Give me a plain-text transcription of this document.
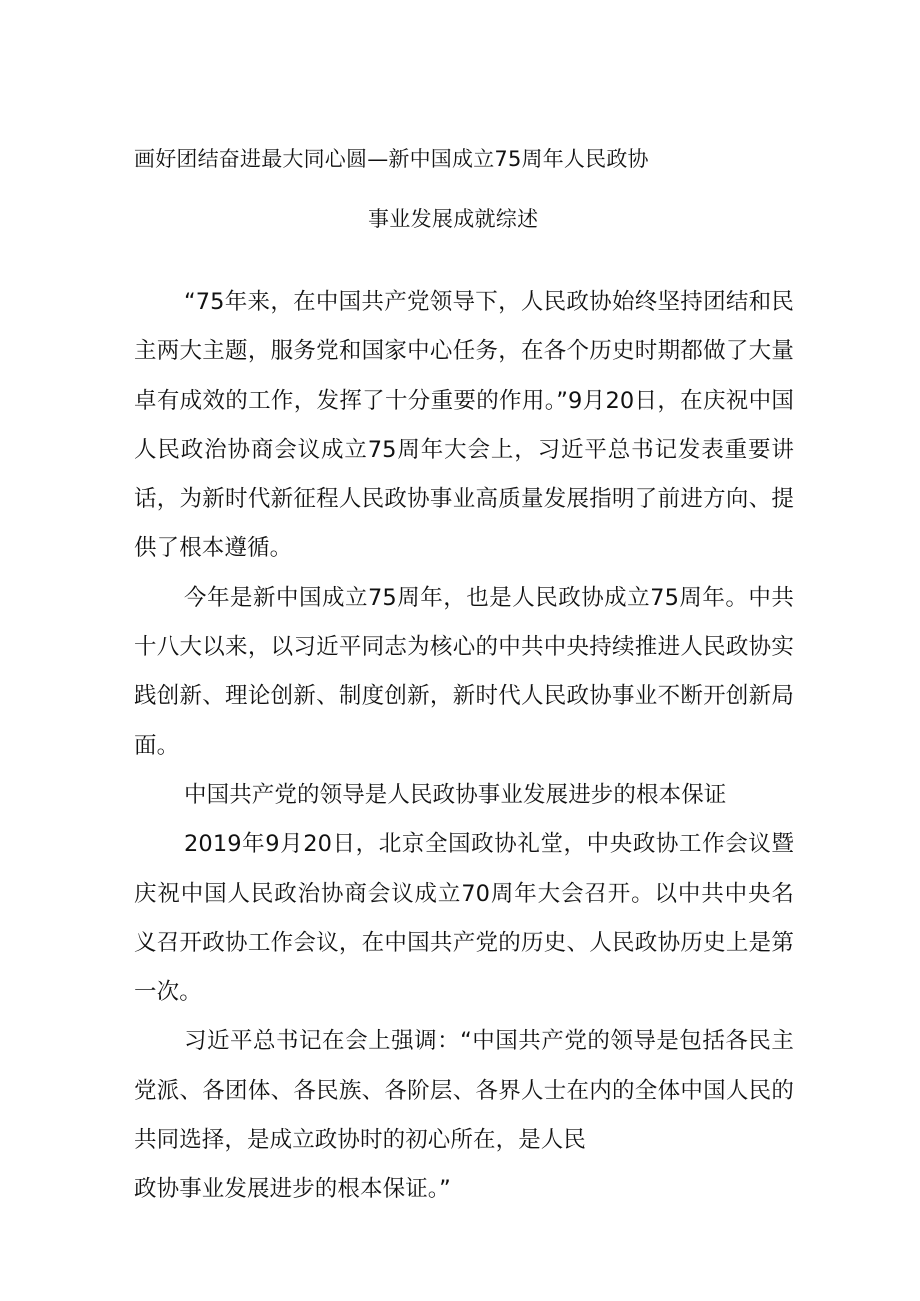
画好团结奋进最大同心圆—新中国成立75周年人民政协
事业发展成就综述

“75年来，在中国共产党领导下，人民政协始终坚持团结和民主两大主题，服务党和国家中心任务，在各个历史时期都做了大量卓有成效的工作，发挥了十分重要的作用。”9月20日，在庆祝中国人民政治协商会议成立75周年大会上，习近平总书记发表重要讲话，为新时代新征程人民政协事业高质量发展指明了前进方向、提供了根本遵循。

今年是新中国成立75周年，也是人民政协成立75周年。中共十八大以来，以习近平同志为核心的中共中央持续推进人民政协实践创新、理论创新、制度创新，新时代人民政协事业不断开创新局面。

中国共产党的领导是人民政协事业发展进步的根本保证

2019年9月20日，北京全国政协礼堂，中央政协工作会议暨庆祝中国人民政治协商会议成立70周年大会召开。以中共中央名义召开政协工作会议，在中国共产党的历史、人民政协历史上是第一次。

习近平总书记在会上强调：“中国共产党的领导是包括各民主党派、各团体、各民族、各阶层、各界人士在内的全体中国人民的共同选择，是成立政协时的初心所在，是人民
政协事业发展进步的根本保证。”
